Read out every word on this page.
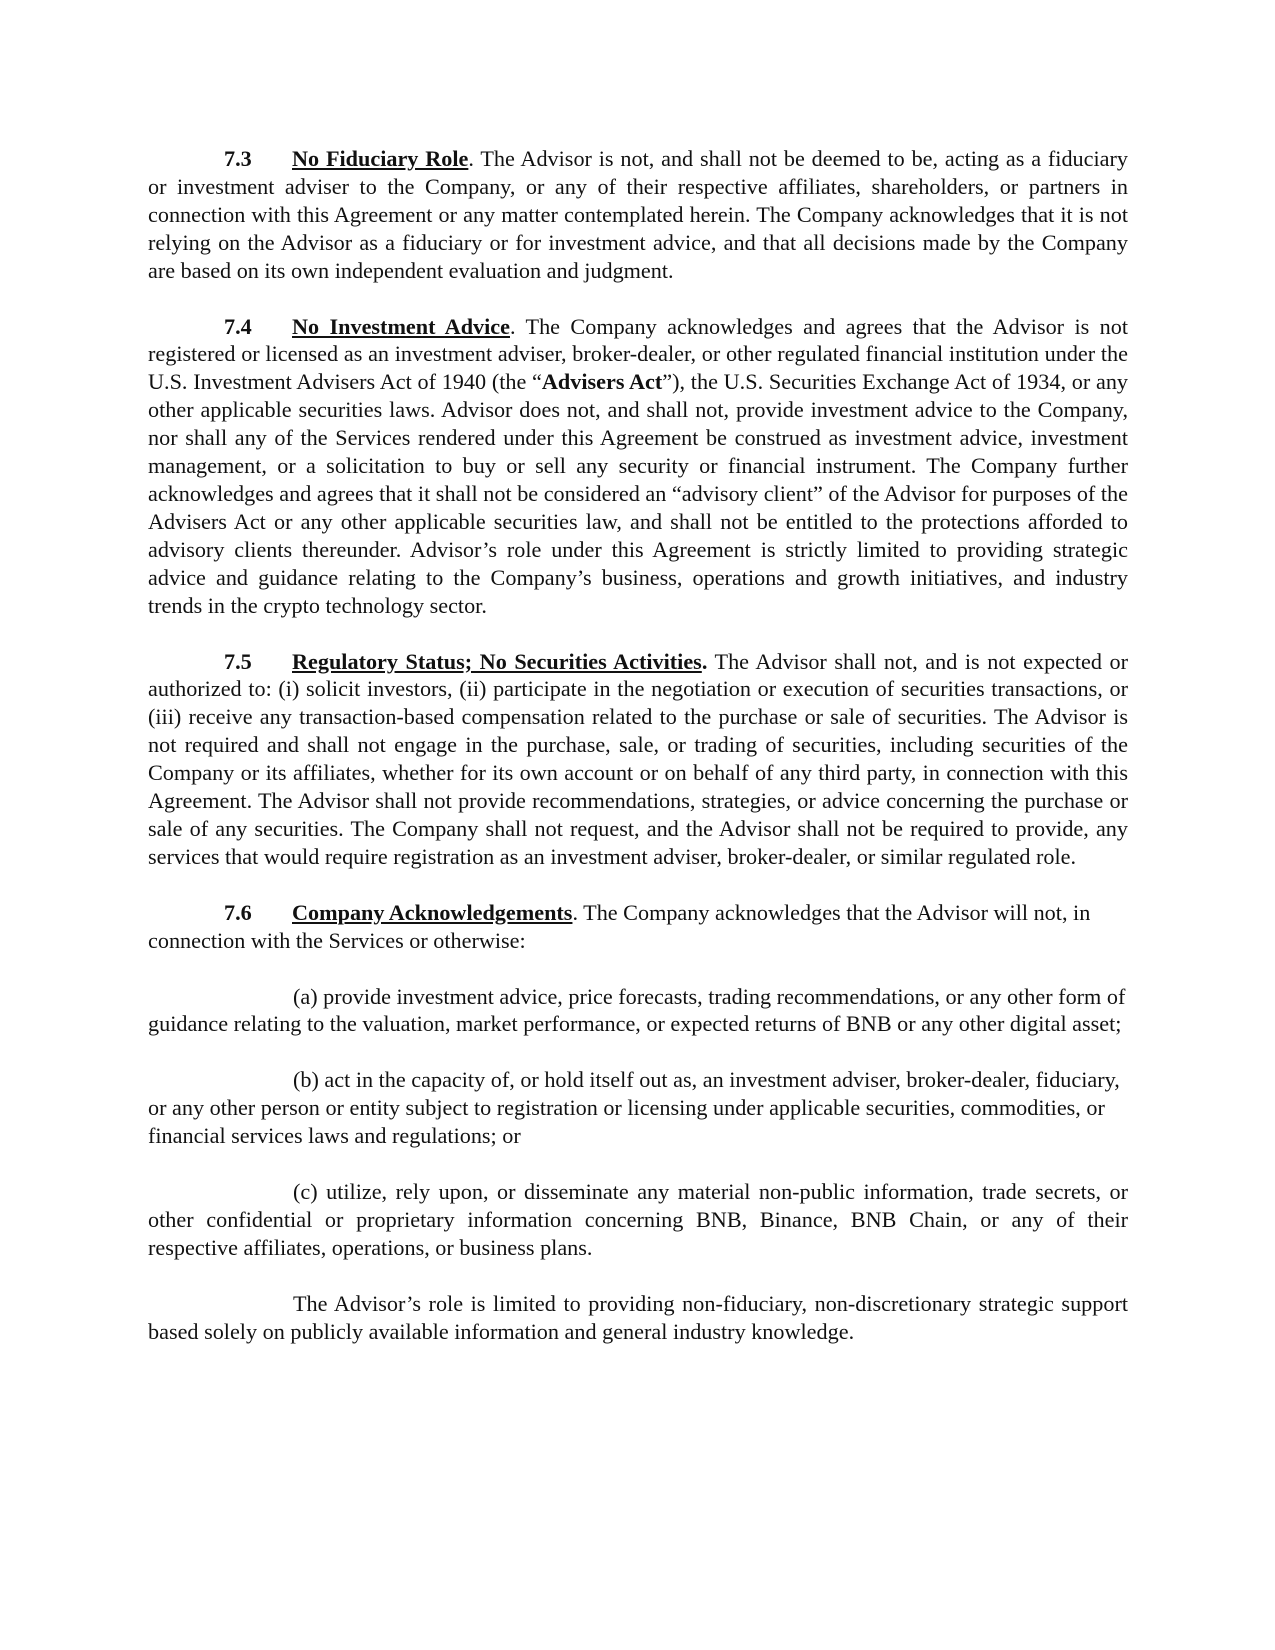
7.3 No Fiduciary Role. The Advisor is not, and shall not be deemed to be, acting as a fiduciary or investment adviser to the Company, or any of their respective affiliates, shareholders, or partners in connection with this Agreement or any matter contemplated herein. The Company acknowledges that it is not relying on the Advisor as a fiduciary or for investment advice, and that all decisions made by the Company are based on its own independent evaluation and judgment.

7.4 No Investment Advice. The Company acknowledges and agrees that the Advisor is not registered or licensed as an investment adviser, broker-dealer, or other regulated financial institution under the U.S. Investment Advisers Act of 1940 (the “Advisers Act”), the U.S. Securities Exchange Act of 1934, or any other applicable securities laws. Advisor does not, and shall not, provide investment advice to the Company, nor shall any of the Services rendered under this Agreement be construed as investment advice, investment management, or a solicitation to buy or sell any security or financial instrument. The Company further acknowledges and agrees that it shall not be considered an “advisory client” of the Advisor for purposes of the Advisers Act or any other applicable securities law, and shall not be entitled to the protections afforded to advisory clients thereunder. Advisor’s role under this Agreement is strictly limited to providing strategic advice and guidance relating to the Company’s business, operations and growth initiatives, and industry trends in the crypto technology sector.

7.5 Regulatory Status; No Securities Activities. The Advisor shall not, and is not expected or authorized to: (i) solicit investors, (ii) participate in the negotiation or execution of securities transactions, or (iii) receive any transaction-based compensation related to the purchase or sale of securities. The Advisor is not required and shall not engage in the purchase, sale, or trading of securities, including securities of the Company or its affiliates, whether for its own account or on behalf of any third party, in connection with this Agreement. The Advisor shall not provide recommendations, strategies, or advice concerning the purchase or sale of any securities. The Company shall not request, and the Advisor shall not be required to provide, any services that would require registration as an investment adviser, broker-dealer, or similar regulated role.

7.6 Company Acknowledgements. The Company acknowledges that the Advisor will not, in connection with the Services or otherwise:

(a) provide investment advice, price forecasts, trading recommendations, or any other form of guidance relating to the valuation, market performance, or expected returns of BNB or any other digital asset;

(b) act in the capacity of, or hold itself out as, an investment adviser, broker-dealer, fiduciary, or any other person or entity subject to registration or licensing under applicable securities, commodities, or financial services laws and regulations; or

(c) utilize, rely upon, or disseminate any material non-public information, trade secrets, or other confidential or proprietary information concerning BNB, Binance, BNB Chain, or any of their respective affiliates, operations, or business plans.

The Advisor’s role is limited to providing non-fiduciary, non-discretionary strategic support based solely on publicly available information and general industry knowledge.
